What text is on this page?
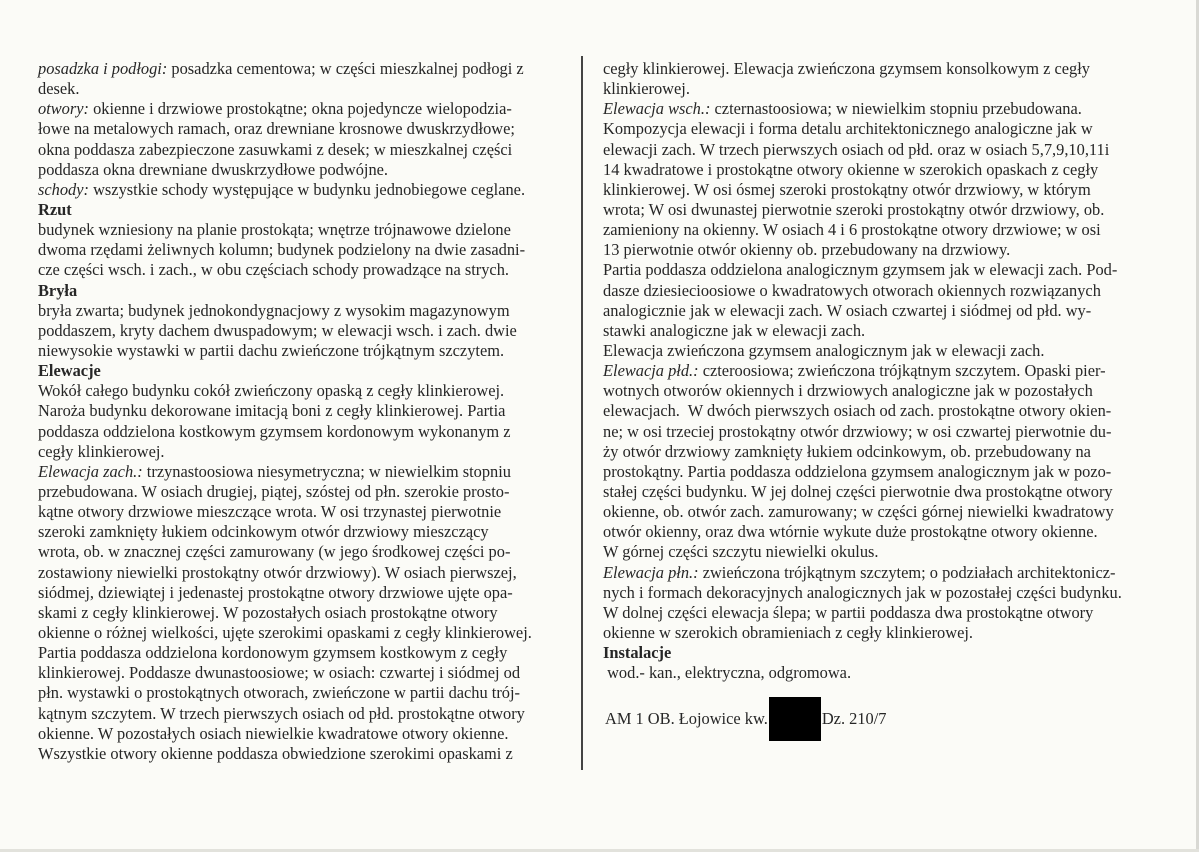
posadzka i podłogi: posadzka cementowa; w części mieszkalnej podłogi z
desek.
otwory: okienne i drzwiowe prostokątne; okna pojedyncze wielopodzia-
łowe na metalowych ramach, oraz drewniane krosnowe dwuskrzydłowe;
okna poddasza zabezpieczone zasuwkami z desek; w mieszkalnej części
poddasza okna drewniane dwuskrzydłowe podwójne.
schody: wszystkie schody występujące w budynku jednobiegowe ceglane.
Rzut
budynek wzniesiony na planie prostokąta; wnętrze trójnawowe dzielone
dwoma rzędami żeliwnych kolumn; budynek podzielony na dwie zasadni-
cze części wsch. i zach., w obu częściach schody prowadzące na strych.
Bryła
bryła zwarta; budynek jednokondygnacjowy z wysokim magazynowym
poddaszem, kryty dachem dwuspadowym; w elewacji wsch. i zach. dwie
niewysokie wystawki w partii dachu zwieńczone trójkątnym szczytem.
Elewacje
Wokół całego budynku cokół zwieńczony opaską z cegły klinkierowej.
Naroża budynku dekorowane imitacją boni z cegły klinkierowej. Partia
poddasza oddzielona kostkowym gzymsem kordonowym wykonanym z
cegły klinkierowej.
Elewacja zach.: trzynastoosiowa niesymetryczna; w niewielkim stopniu
przebudowana. W osiach drugiej, piątej, szóstej od płn. szerokie prosto-
kątne otwory drzwiowe mieszczące wrota. W osi trzynastej pierwotnie
szeroki zamknięty łukiem odcinkowym otwór drzwiowy mieszczący
wrota, ob. w znacznej części zamurowany (w jego środkowej części po-
zostawiony niewielki prostokątny otwór drzwiowy). W osiach pierwszej,
siódmej, dziewiątej i jedenastej prostokątne otwory drzwiowe ujęte opa-
skami z cegły klinkierowej. W pozostałych osiach prostokątne otwory
okienne o różnej wielkości, ujęte szerokimi opaskami z cegły klinkierowej.
Partia poddasza oddzielona kordonowym gzymsem kostkowym z cegły
klinkierowej. Poddasze dwunastoosiowe; w osiach: czwartej i siódmej od
płn. wystawki o prostokątnych otworach, zwieńczone w partii dachu trój-
kątnym szczytem. W trzech pierwszych osiach od płd. prostokątne otwory
okienne. W pozostałych osiach niewielkie kwadratowe otwory okienne.
Wszystkie otwory okienne poddasza obwiedzione szerokimi opaskami z
cegły klinkierowej. Elewacja zwieńczona gzymsem konsolkowym z cegły
klinkierowej.
Elewacja wsch.: czternastoosiowa; w niewielkim stopniu przebudowana.
Kompozycja elewacji i forma detalu architektonicznego analogiczne jak w
elewacji zach. W trzech pierwszych osiach od płd. oraz w osiach 5,7,9,10,11i
14 kwadratowe i prostokątne otwory okienne w szerokich opaskach z cegły
klinkierowej. W osi ósmej szeroki prostokątny otwór drzwiowy, w którym
wrota; W osi dwunastej pierwotnie szeroki prostokątny otwór drzwiowy, ob.
zamieniony na okienny. W osiach 4 i 6 prostokątne otwory drzwiowe; w osi
13 pierwotnie otwór okienny ob. przebudowany na drzwiowy.
Partia poddasza oddzielona analogicznym gzymsem jak w elewacji zach. Pod-
dasze dziesiecioosiowe o kwadratowych otworach okiennych rozwiązanych
analogicznie jak w elewacji zach. W osiach czwartej i siódmej od płd. wy-
stawki analogiczne jak w elewacji zach.
Elewacja zwieńczona gzymsem analogicznym jak w elewacji zach.
Elewacja płd.: czteroosiowa; zwieńczona trójkątnym szczytem. Opaski pier-
wotnych otworów okiennych i drzwiowych analogiczne jak w pozostałych
elewacjach.  W dwóch pierwszych osiach od zach. prostokątne otwory okien-
ne; w osi trzeciej prostokątny otwór drzwiowy; w osi czwartej pierwotnie du-
ży otwór drzwiowy zamknięty łukiem odcinkowym, ob. przebudowany na
prostokątny. Partia poddasza oddzielona gzymsem analogicznym jak w pozo-
stałej części budynku. W jej dolnej części pierwotnie dwa prostokątne otwory
okienne, ob. otwór zach. zamurowany; w części górnej niewielki kwadratowy
otwór okienny, oraz dwa wtórnie wykute duże prostokątne otwory okienne.
W górnej części szczytu niewielki okulus.
Elewacja płn.: zwieńczona trójkątnym szczytem; o podziałach architektonicz-
nych i formach dekoracyjnych analogicznych jak w pozostałej części budynku.
W dolnej części elewacja ślepa; w partii poddasza dwa prostokątne otwory
okienne w szerokich obramieniach z cegły klinkierowej.
Instalacje
wod.- kan., elektryczna, odgromowa.
AM 1 OB. Łojowice kw.	Dz. 210/7
